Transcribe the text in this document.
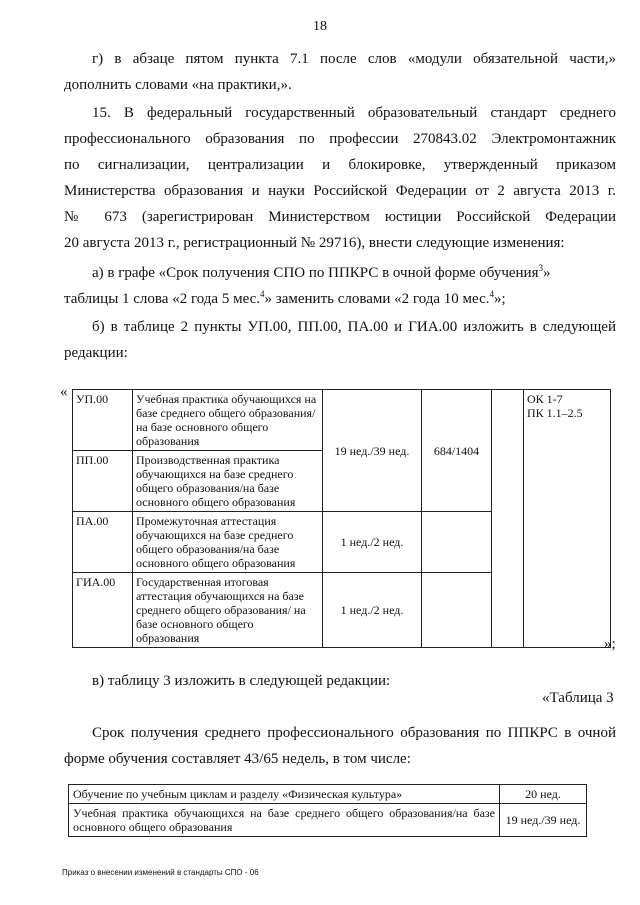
18
г) в абзаце пятом пункта 7.1 после слов «модули обязательной части,»
дополнить словами «на практики,».
15. В федеральный государственный образовательный стандарт среднего
профессионального образования по профессии 270843.02 Электромонтажник
по сигнализации, централизации и блокировке, утвержденный приказом
Министерства образования и науки Российской Федерации от 2 августа 2013 г.
№ 673 (зарегистрирован Министерством юстиции Российской Федерации
20 августа 2013 г., регистрационный № 29716), внести следующие изменения:
а) в графе «Срок получения СПО по ППКРС в очной форме обучения$^3$»
таблицы 1 слова «2 года 5 мес.$^4$» заменить словами «2 года 10 мес.$^4$»;
б) в таблице 2 пункты УП.00, ПП.00, ПА.00 и ГИА.00 изложить в следующей
редакции:
« УП.00	Учебная практика обучающихся на базе среднего общего образования/на базе основного общего образования	19 нед./39 нед.	684/1404		ОК 1-7
ПК 1.1–2.5

ПП.00	Производственная практика обучающихся на базе среднего общего образования/на базе основного общего образования				
ПА.00	Промежуточная аттестация обучающихся на базе среднего общего образования/на базе основного общего образования	1 нед./2 нед.			
ГИА.00	Государственная итоговая аттестация обучающихся на базе среднего общего образования/ на базе основного общего образования	1 нед./2 нед.			
»;
в) таблицу 3 изложить в следующей редакции:
«Таблица 3
Срок получения среднего профессионального образования по ППКРС в очной
форме обучения составляет 43/65 недель, в том числе:
Обучение по учебным циклам и разделу «Физическая культура»	20 нед.
Учебная практика обучающихся на базе среднего общего образования/на базе основного общего образования	19 нед./39 нед.
Приказ о внесении изменений в стандарты СПО - 06
